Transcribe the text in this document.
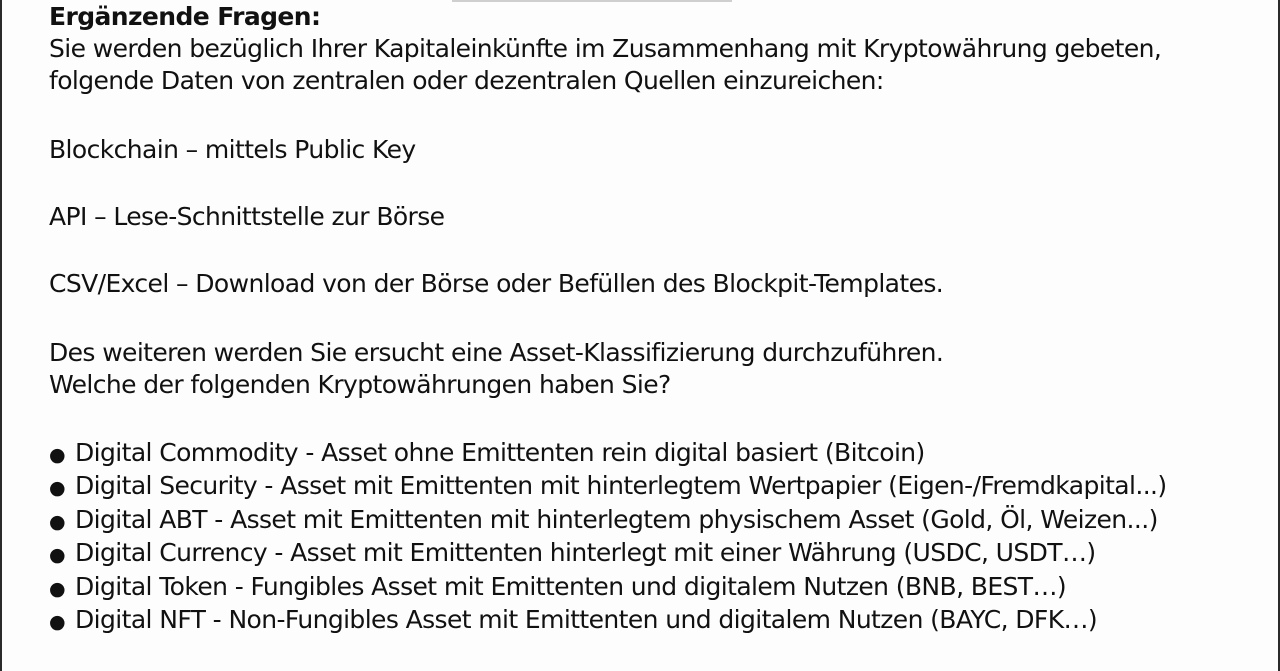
Ergänzende Fragen:
Sie werden bezüglich Ihrer Kapitaleinkünfte im Zusammenhang mit Kryptowährung gebeten,
folgende Daten von zentralen oder dezentralen Quellen einzureichen:
Blockchain – mittels Public Key
API – Lese-Schnittstelle zur Börse
CSV/Excel – Download von der Börse oder Befüllen des Blockpit-Templates.
Des weiteren werden Sie ersucht eine Asset-Klassifizierung durchzuführen.
Welche der folgenden Kryptowährungen haben Sie?
● Digital Commodity - Asset ohne Emittenten rein digital basiert (Bitcoin)
● Digital Security - Asset mit Emittenten mit hinterlegtem Wertpapier (Eigen-/Fremdkapital...)
● Digital ABT - Asset mit Emittenten mit hinterlegtem physischem Asset (Gold, Öl, Weizen...)
● Digital Currency - Asset mit Emittenten hinterlegt mit einer Währung (USDC, USDT…)
● Digital Token - Fungibles Asset mit Emittenten und digitalem Nutzen (BNB, BEST…)
● Digital NFT - Non-Fungibles Asset mit Emittenten und digitalem Nutzen (BAYC, DFK…)
